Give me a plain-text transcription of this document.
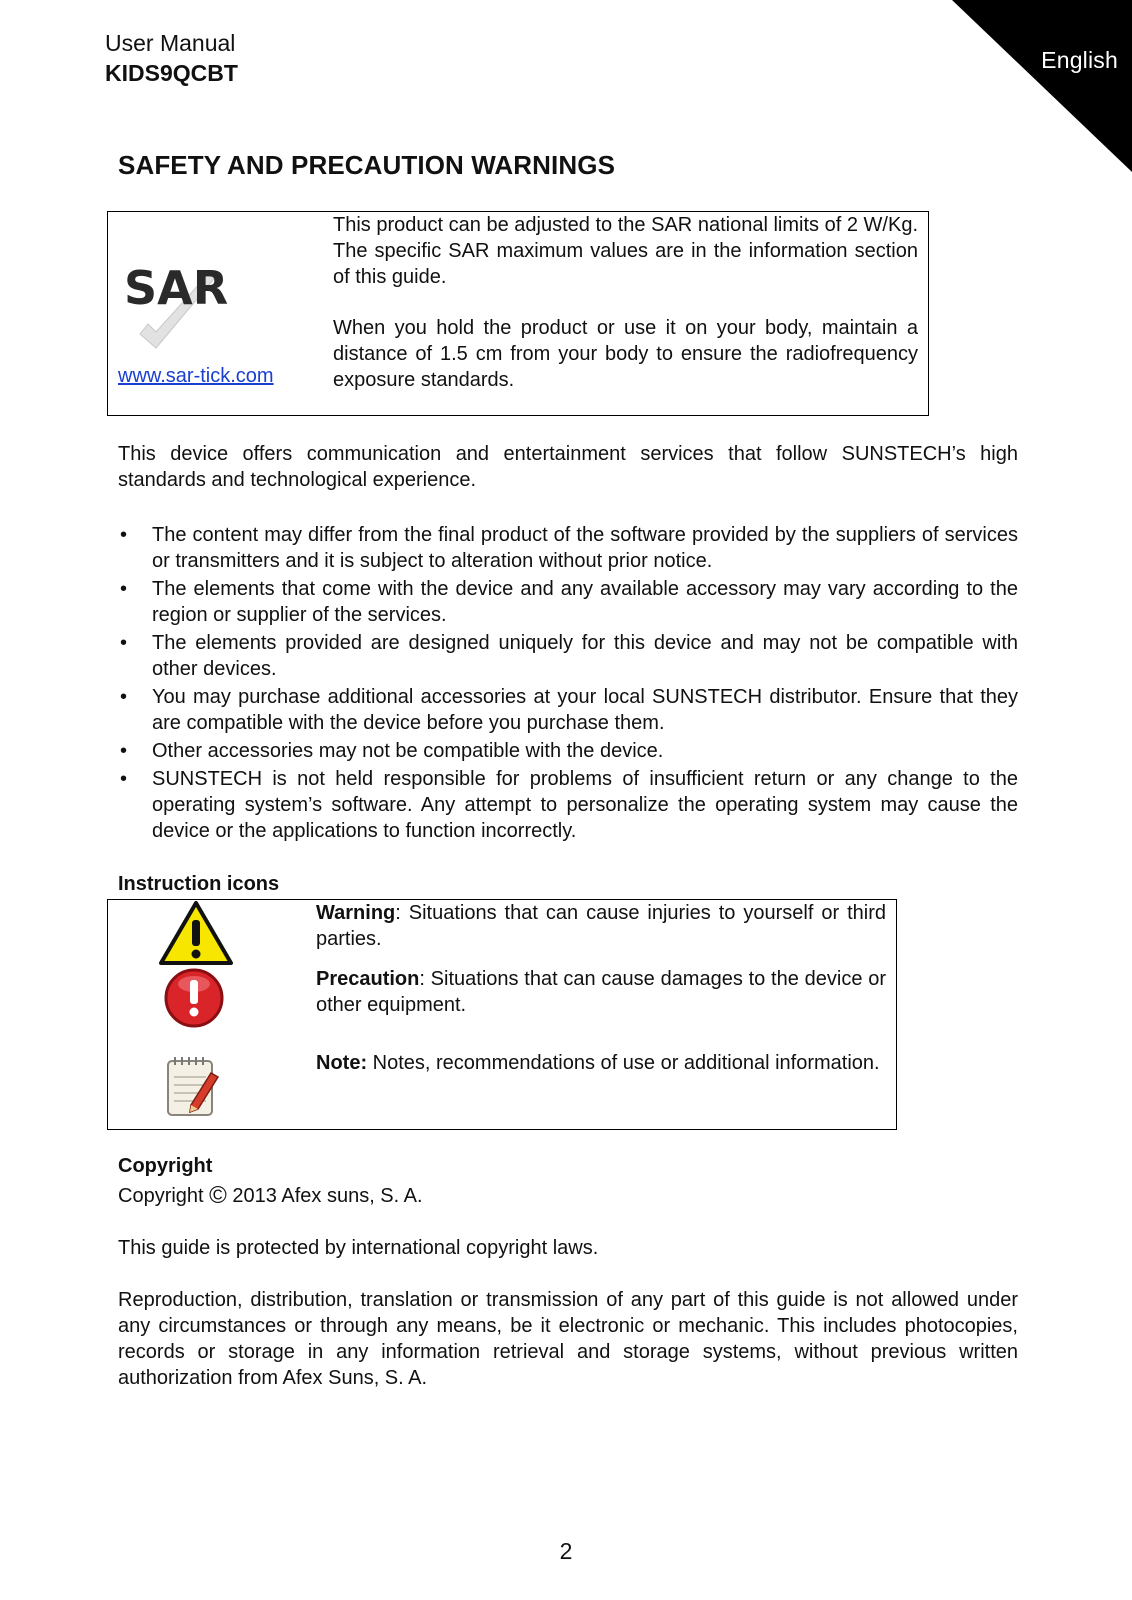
English
User Manual
KIDS9QCBT
SAFETY AND PRECAUTION WARNINGS
SAR
www.sar-tick.com
This product can be adjusted to the SAR national limits of 2 W/Kg. The specific SAR maximum values are in the information section of this guide.
When you hold the product or use it on your body, maintain a distance of 1.5 cm from your body to ensure the radiofrequency exposure standards.
This device offers communication and entertainment services that follow SUNSTECH’s high standards and technological experience.
• The content may differ from the final product of the software provided by the suppliers of services or transmitters and it is subject to alteration without prior notice.
• The elements that come with the device and any available accessory may vary according to the region or supplier of the services.
• The elements provided are designed uniquely for this device and may not be compatible with other devices.
• You may purchase additional accessories at your local SUNSTECH distributor. Ensure that they are compatible with the device before you purchase them.
• Other accessories may not be compatible with the device.
• SUNSTECH is not held responsible for problems of insufficient return or any change to the operating system’s software. Any attempt to personalize the operating system may cause the device or the applications to function incorrectly.
Instruction icons
Warning: Situations that can cause injuries to yourself or third parties.
Precaution: Situations that can cause damages to the device or other equipment.
Note: Notes, recommendations of use or additional information.
Copyright
Copyright © 2013 Afex suns, S. A.
This guide is protected by international copyright laws.
Reproduction, distribution, translation or transmission of any part of this guide is not allowed under any circumstances or through any means, be it electronic or mechanic. This includes photocopies, records or storage in any information retrieval and storage systems, without previous written authorization from Afex Suns, S. A.
2
